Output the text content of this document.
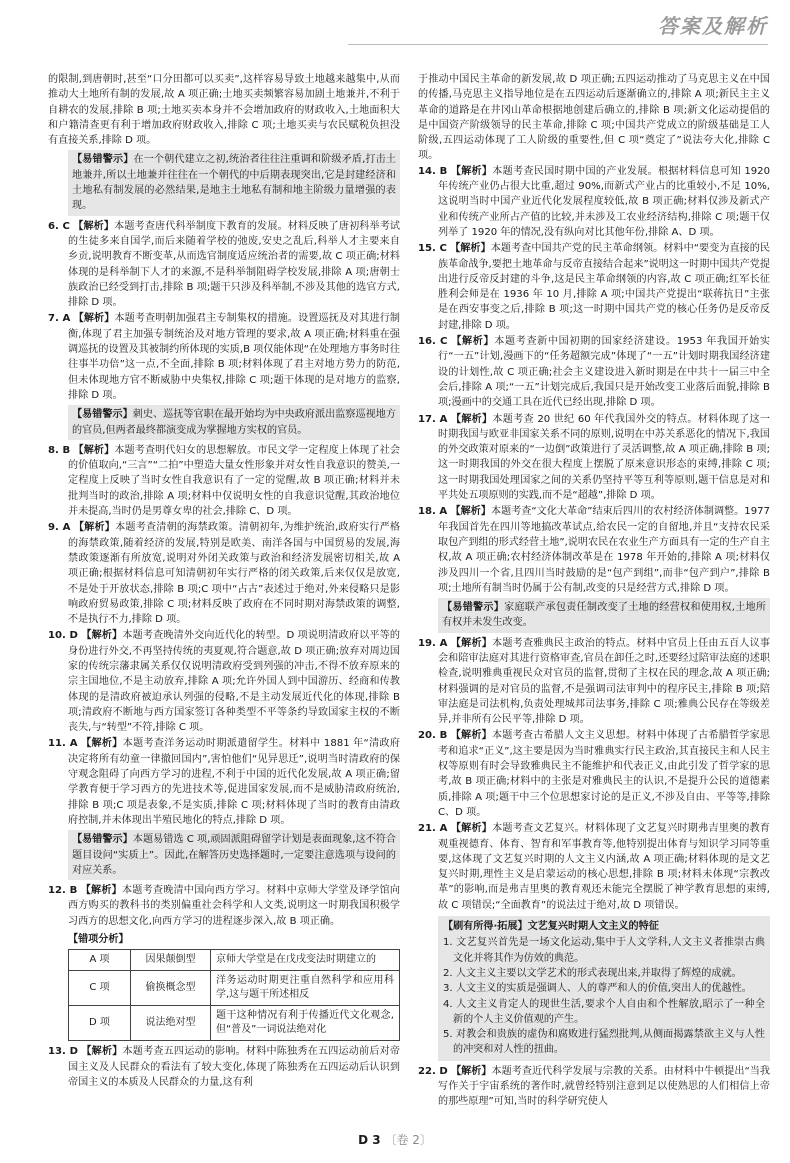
答案及解析

的限制,到唐朝时,甚至“口分田都可以买卖”,这样容易导致土地越来越集中,从而推动大土地所有制的发展,故 A 项正确;土地买卖频繁容易加剧土地兼并,不利于自耕农的发展,排除 B 项;土地买卖本身并不会增加政府的财政收入,土地面积大和户籍清查更有利于增加政府财政收入,排除 C 项;土地买卖与农民赋税负担没有直接关系,排除 D 项。

【易错警示】在一个朝代建立之初,统治者往往注重调和阶级矛盾,打击土地兼并,所以土地兼并往往在一个朝代的中后期表现突出,它是封建经济和土地私有制发展的必然结果,是地主土地私有制和地主阶级力量增强的表现。

6. C 【解析】本题考查唐代科举制度下教育的发展。材料反映了唐初科举考试的生徒多来自国学,而后来随着学校的弛废,安史之乱后,科举人才主要来自乡贡,说明教育不断变革,从而选官制度适应统治者的需要,故 C 项正确;材料体现的是科举制下人才的来源,不是科举制阻碍学校发展,排除 A 项;唐朝士族政治已经受到打击,排除 B 项;题干只涉及科举制,不涉及其他的选官方式,排除 D 项。

7. A 【解析】本题考查明朝加强君主专制集权的措施。设置巡抚及对其进行制衡,体现了君主加强专制统治及对地方管理的要求,故 A 项正确;材料重在强调巡抚的设置及其被制约所体现的实质,B 项仅能体现“在处理地方事务时往往事半功倍”这一点,不全面,排除 B 项;材料体现了君主对地方势力的防范,但未体现地方官不断威胁中央集权,排除 C 项;题干体现的是对地方的监察,排除 D 项。

【易错警示】刺史、巡抚等官职在最开始均为中央政府派出监察巡视地方的官员,但两者最终都演变成为掌握地方实权的官员。

8. B 【解析】本题考查明代妇女的思想解放。市民文学一定程度上体现了社会的价值取向,“三言”“二拍”中塑造大量女性形象并对女性自我意识的赞美,一定程度上反映了当时女性自我意识有了一定的觉醒,故 B 项正确;材料并未批判当时的政治,排除 A 项;材料中仅说明女性的自我意识觉醒,其政治地位并未提高,当时仍是男尊女卑的社会,排除 C、D 项。

9. A 【解析】本题考查清朝的海禁政策。清朝初年,为维护统治,政府实行严格的海禁政策,随着经济的发展,特别是欧美、南洋各国与中国贸易的发展,海禁政策逐渐有所放宽,说明对外闭关政策与政治和经济发展密切相关,故 A 项正确;根据材料信息可知清朝初年实行严格的闭关政策,后来仅仅是放宽,不是处于开放状态,排除 B 项;C 项中“占古”表述过于绝对,外来侵略只是影响政府贸易政策,排除 C 项;材料反映了政府在不同时期对海禁政策的调整,不是执行不力,排除 D 项。

10. D 【解析】本题考查晚清外交向近代化的转型。D 项说明清政府以平等的身份进行外交,不再坚持传统的夷夏观,符合题意,故 D 项正确;放弃对周边国家的传统宗藩隶属关系仅仅说明清政府受到列强的冲击,不得不放弃原来的宗主国地位,不是主动放弃,排除 A 项;允许外国人到中国游历、经商和传教体现的是清政府被迫承认列强的侵略,不是主动发展近代化的体现,排除 B 项;清政府不断地与西方国家签订各种类型不平等条约导致国家主权的不断丧失,与“转型”不符,排除 C 项。

11. A 【解析】本题考查洋务运动时期派遣留学生。材料中 1881 年“清政府决定将所有幼童一律撤回国内”,害怕他们“见异思迁”,说明当时清政府的保守观念阻碍了向西方学习的进程,不利于中国的近代化发展,故 A 项正确;留学教育便于学习西方的先进技术等,促进国家发展,而不是威胁清政府统治,排除 B 项;C 项是表象,不是实质,排除 C 项;材料体现了当时的教育由清政府控制,并未体现出半殖民地化的特点,排除 D 项。

【易错警示】本题易错选 C 项,顽固派阻碍留学计划是表面现象,这不符合题目设问“实质上”。因此,在解答历史选择题时,一定要注意选项与设问的对应关系。

12. B 【解析】本题考查晚清中国向西方学习。材料中京师大学堂及译学馆向西方购买的教科书的类别偏重社会科学和人文类,说明这一时期我国积极学习西方的思想文化,向西方学习的进程逐步深入,故 B 项正确。

【错项分析】
A 项	因果颠倒型	京师大学堂是在戊戌变法时期建立的
C 项	偷换概念型	洋务运动时期更注重自然科学和应用科学,这与题干所述相反
D 项	说法绝对型	题干这种情况有利于传播近代文化观念,但“普及”一词说法绝对化

13. D 【解析】本题考查五四运动的影响。材料中陈独秀在五四运动前后对帝国主义及人民群众的看法有了较大变化,体现了陈独秀在五四运动后认识到帝国主义的本质及人民群众的力量,这有利

于推动中国民主革命的新发展,故 D 项正确;五四运动推动了马克思主义在中国的传播,马克思主义指导地位是在五四运动后逐渐确立的,排除 A 项;新民主主义革命的道路是在井冈山革命根据地创建后确立的,排除 B 项;新文化运动提倡的是中国资产阶级领导的民主革命,排除 C 项;中国共产党成立的阶级基础是工人阶级,五四运动体现了工人阶级的重要性,但 C 项“奠定了”说法夸大化,排除 C 项。

14. B 【解析】本题考查民国时期中国的产业发展。根据材料信息可知 1920 年传统产业仍占很大比重,超过 90%,而新式产业占的比重较小,不足 10%,这说明当时中国产业近代化发展程度较低,故 B 项正确;材料仅涉及新式产业和传统产业所占产值的比较,并未涉及工农业经济结构,排除 C 项;题干仅列举了 1920 年的情况,没有纵向对比其他年份,排除 A、D 项。

15. C 【解析】本题考查中国共产党的民主革命纲领。材料中“要变为直接的民族革命战争,要把土地革命与反帝直接结合起来”说明这一时期中国共产党提出进行反帝反封建的斗争,这是民主革命纲领的内容,故 C 项正确;红军长征胜利会师是在 1936 年 10 月,排除 A 项;中国共产党提出“联蒋抗日”主张是在西安事变之后,排除 B 项;这一时期中国共产党的核心任务仍是反帝反封建,排除 D 项。

16. C 【解析】本题考查新中国初期的国家经济建设。1953 年我国开始实行“一五”计划,漫画下的“任务超额完成”体现了“一五”计划时期我国经济建设的计划性,故 C 项正确;社会主义建设进入新时期是在中共十一届三中全会后,排除 A 项;“一五”计划完成后,我国只是开始改变工业落后面貌,排除 B 项;漫画中的交通工具在近代已经出现,排除 D 项。

17. A 【解析】本题考查 20 世纪 60 年代我国外交的特点。材料体现了这一时期我国与欧亚非国家关系不同的原则,说明在中苏关系恶化的情况下,我国的外交政策对原来的“一边倒”政策进行了灵活调整,故 A 项正确,排除 B 项;这一时期我国的外交在很大程度上摆脱了原来意识形态的束缚,排除 C 项;这一时期我国处理国家之间的关系仍坚持平等互利等原则,题干信息是对和平共处五项原则的实践,而不是“超越”,排除 D 项。

18. A 【解析】本题考查“文化大革命”结束后四川的农村经济体制调整。1977 年我国首先在四川等地搞改革试点,给农民一定的自留地,并且“支持农民采取包产到组的形式经营土地”,说明农民在农业生产方面具有一定的生产自主权,故 A 项正确;农村经济体制改革是在 1978 年开始的,排除 A 项;材料仅涉及四川一个省,且四川当时鼓励的是“包产到组”,而非“包产到户”,排除 B 项;土地所有制当时仍属于公有制,改变的只是经营方式,排除 D 项。

【易错警示】家庭联产承包责任制改变了土地的经营权和使用权,土地所有权并未发生改变。

19. A 【解析】本题考查雅典民主政治的特点。材料中官员上任由五百人议事会和陪审法庭对其进行资格审查,官员在卸任之时,还要经过陪审法庭的述职检查,说明雅典重视民众对官员的监督,贯彻了主权在民的理念,故 A 项正确;材料强调的是对官员的监督,不是强调司法审判中的程序民主,排除 B 项;陪审法庭是司法机构,负责处理城邦司法事务,排除 C 项;雅典公民存在等级差异,并非所有公民平等,排除 D 项。

20. B 【解析】本题考查古希腊人文主义思想。材料中体现了古希腊哲学家思考和追求“正义”,这主要是因为当时雅典实行民主政治,其直接民主和人民主权等原则有时会导致雅典民主不能维护和代表正义,由此引发了哲学家的思考,故 B 项正确;材料中的主张是对雅典民主的认识,不是提升公民的道德素质,排除 A 项;题干中三个位思想家讨论的是正义,不涉及自由、平等等,排除 C、D 项。

21. A 【解析】本题考查文艺复兴。材料体现了文艺复兴时期弗吉里奥的教育观重视德育、体育、智育和军事教育等,他特别提出体育与知识学习同等重要,这体现了文艺复兴时期的人文主义内涵,故 A 项正确;材料体现的是文艺复兴时期,理性主义是启蒙运动的核心思想,排除 B 项;材料未体现“宗教改革”的影响,而是弗吉里奥的教育观还未能完全摆脱了神学教育思想的束缚,故 C 项错误;“全面教育”的说法过于绝对,故 D 项错误。

【刷有所得·拓展】文艺复兴时期人文主义的特征

1. 文艺复兴首先是一场文化运动,集中于人文学科,人文主义者推崇古典文化并将其作为仿效的典范。

2. 人文主义主要以文学艺术的形式表现出来,并取得了辉煌的成就。

3. 人文主义的实质是强调人、人的尊严和人的价值,突出人的优越性。

4. 人文主义肯定人的现世生活,要求个人自由和个性解放,昭示了一种全新的个人主义价值观的产生。

5. 对教会和贵族的虚伪和腐败进行猛烈批判,从侧面揭露禁欲主义与人性的冲突和对人性的扭曲。

22. D 【解析】本题考查近代科学发展与宗教的关系。由材料中牛顿提出“当我写作关于宇宙系统的著作时,就曾经特别注意到足以使熟思的人们相信上帝的那些原理”可知,当时的科学研究使人

D 3 〔卷 2〕
